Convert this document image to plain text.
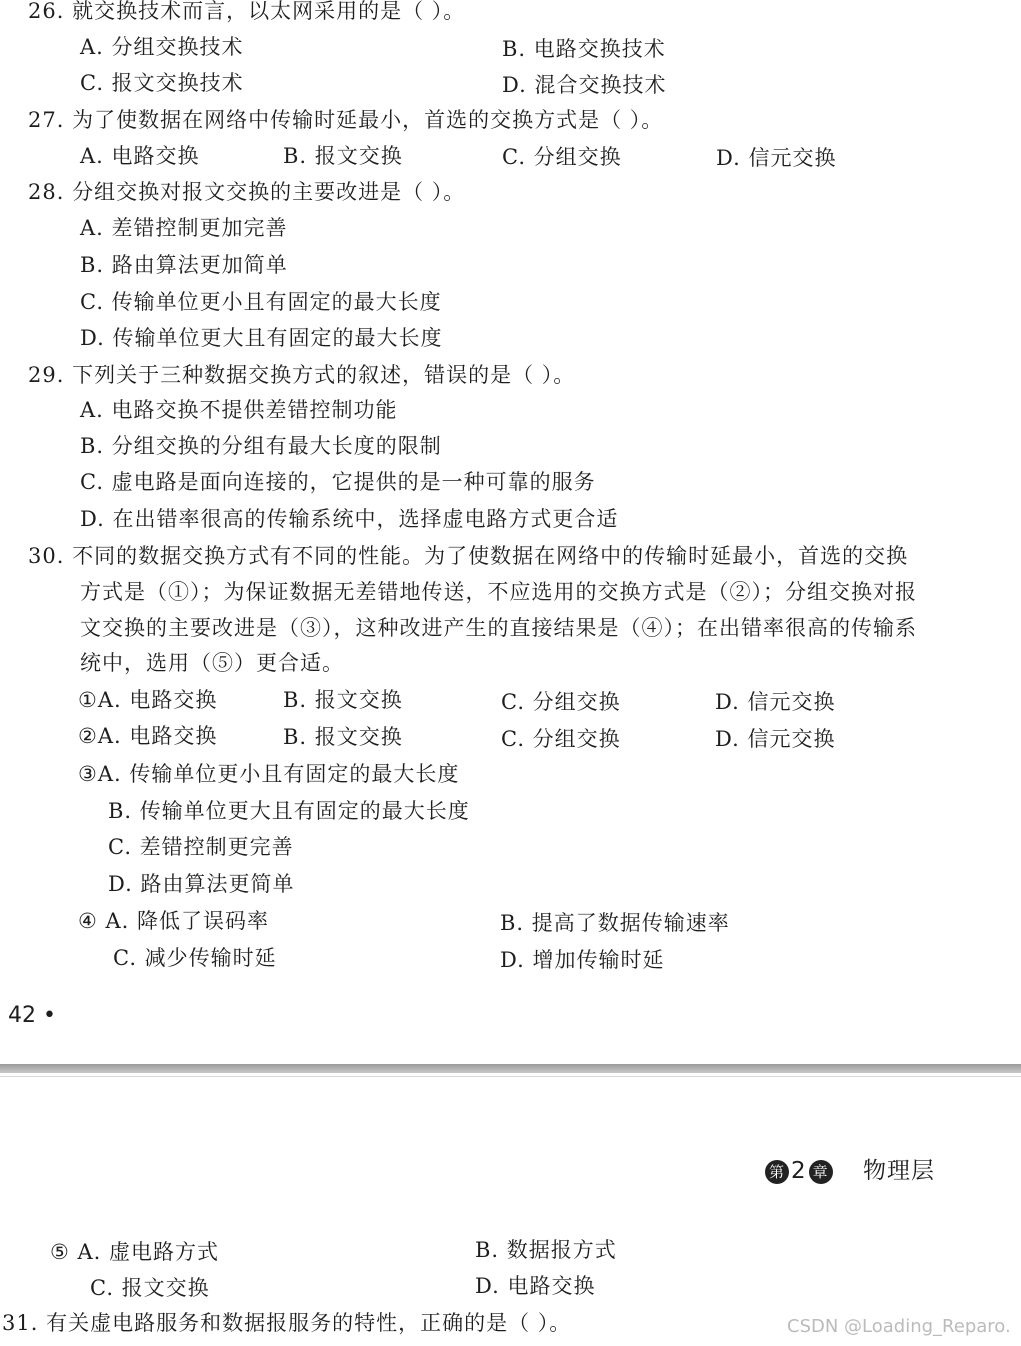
26. 就交换技术而言，以太网采用的是（ ）。
A. 分组交换技术	B. 电路交换技术
C. 报文交换技术	D. 混合交换技术
27. 为了使数据在网络中传输时延最小，首选的交换方式是（ ）。
A. 电路交换	B. 报文交换	C. 分组交换	D. 信元交换
28. 分组交换对报文交换的主要改进是（ ）。
A. 差错控制更加完善
B. 路由算法更加简单
C. 传输单位更小且有固定的最大长度
D. 传输单位更大且有固定的最大长度
29. 下列关于三种数据交换方式的叙述，错误的是（ ）。
A. 电路交换不提供差错控制功能
B. 分组交换的分组有最大长度的限制
C. 虚电路是面向连接的，它提供的是一种可靠的服务
D. 在出错率很高的传输系统中，选择虚电路方式更合适
30. 不同的数据交换方式有不同的性能。为了使数据在网络中的传输时延最小，首选的交换
方式是（①）；为保证数据无差错地传送，不应选用的交换方式是（②）；分组交换对报
文交换的主要改进是（③），这种改进产生的直接结果是（④）；在出错率很高的传输系
统中，选用（⑤）更合适。
①A. 电路交换	B. 报文交换	C. 分组交换	D. 信元交换
②A. 电路交换	B. 报文交换	C. 分组交换	D. 信元交换
③A. 传输单位更小且有固定的最大长度
B. 传输单位更大且有固定的最大长度
C. 差错控制更完善
D. 路由算法更简单
④ A. 降低了误码率	B. 提高了数据传输速率
C. 减少传输时延	D. 增加传输时延
42 •
第 2 章 物理层
⑤ A. 虚电路方式	B. 数据报方式
C. 报文交换	D. 电路交换
31. 有关虚电路服务和数据报服务的特性，正确的是（ ）。	CSDN @Loading_Reparo.
